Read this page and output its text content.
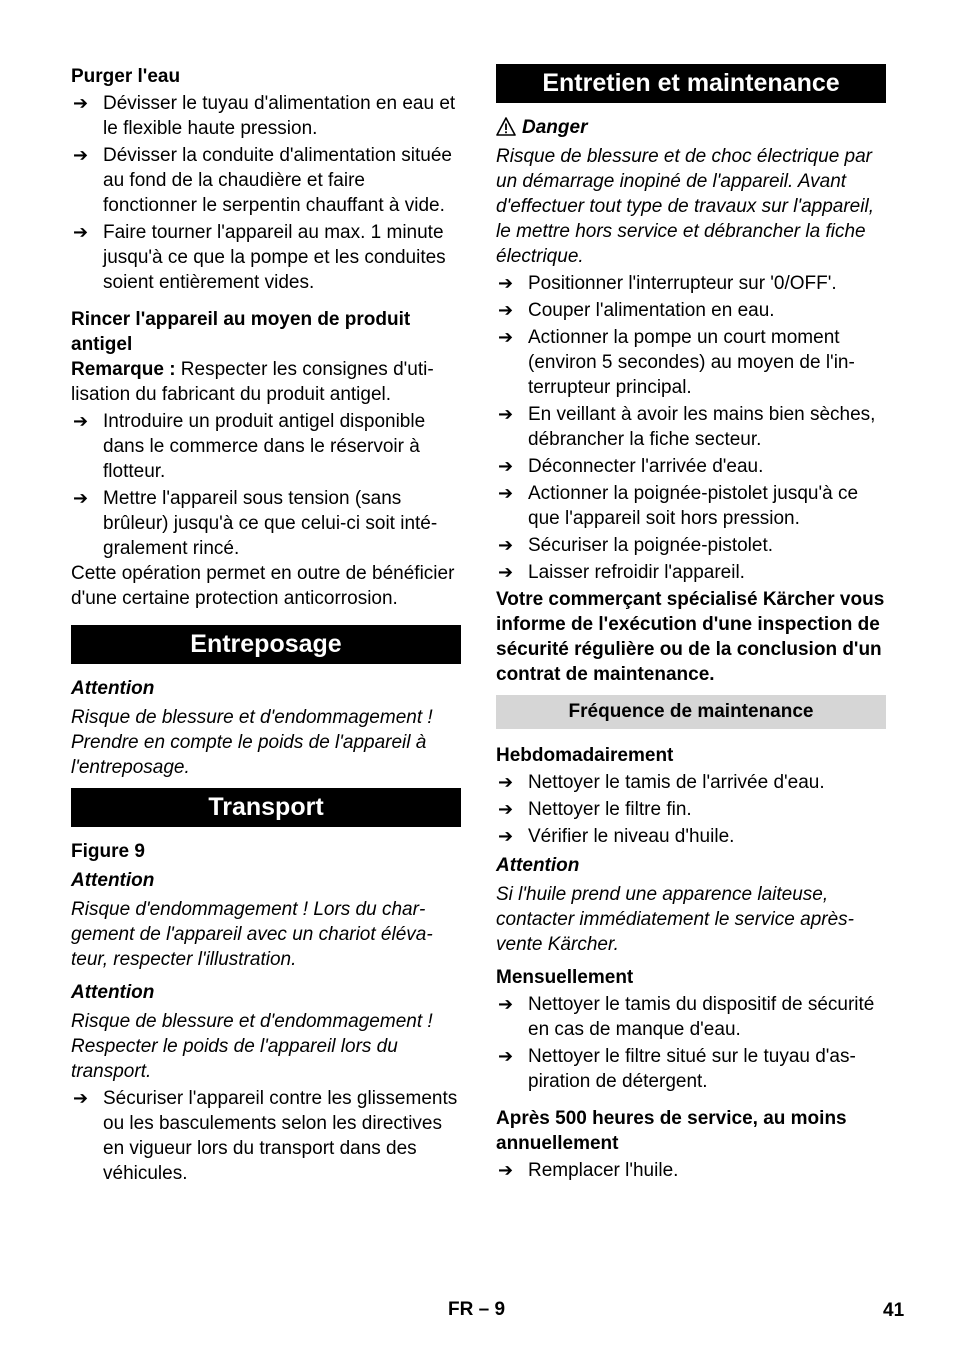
Purger l'eau

➔ Dévisser le tuyau d'alimentation en eau et le flexible haute pression.
➔ Dévisser la conduite d'alimentation située au fond de la chaudière et faire fonctionner le serpentin chauffant à vide.
➔ Faire tourner l'appareil au max. 1 minute jusqu'à ce que la pompe et les conduites soient entièrement vides.

Rincer l'appareil au moyen de produit antigel

Remarque : Respecter les consignes d'utilisation du fabricant du produit antigel.

➔ Introduire un produit antigel disponible dans le commerce dans le réservoir à flotteur.
➔ Mettre l'appareil sous tension (sans brûleur) jusqu'à ce que celui-ci soit intégralement rincé.

Cette opération permet en outre de bénéficier d'une certaine protection anticorrosion.

Entreposage

Attention

Risque de blessure et d'endommagement ! Prendre en compte le poids de l'appareil à l'entreposage.

Transport

Figure 9

Attention

Risque d'endommagement ! Lors du chargement de l'appareil avec un chariot élévateur, respecter l'illustration.

Attention

Risque de blessure et d'endommagement ! Respecter le poids de l'appareil lors du transport.

➔ Sécuriser l'appareil contre les glissements ou les basculements selon les directives en vigueur lors du transport dans des véhicules.
Entretien et maintenance

Danger

Risque de blessure et de choc électrique par un démarrage inopiné de l'appareil. Avant d'effectuer tout type de travaux sur l'appareil, le mettre hors service et débrancher la fiche électrique.

➔ Positionner l'interrupteur sur '0/OFF'.
➔ Couper l'alimentation en eau.
➔ Actionner la pompe un court moment (environ 5 secondes) au moyen de l'interrupteur principal.
➔ En veillant à avoir les mains bien sèches, débrancher la fiche secteur.
➔ Déconnecter l'arrivée d'eau.
➔ Actionner la poignée-pistolet jusqu'à ce que l'appareil soit hors pression.
➔ Sécuriser la poignée-pistolet.
➔ Laisser refroidir l'appareil.

Votre commerçant spécialisé Kärcher vous informe de l'exécution d'une inspection de sécurité régulière ou de la conclusion d'un contrat de maintenance.

Fréquence de maintenance

Hebdomadairement

➔ Nettoyer le tamis de l'arrivée d'eau.
➔ Nettoyer le filtre fin.
➔ Vérifier le niveau d'huile.

Attention

Si l'huile prend une apparence laiteuse, contacter immédiatement le service aprèsvente Kärcher.

Mensuellement

➔ Nettoyer le tamis du dispositif de sécurité en cas de manque d'eau.
➔ Nettoyer le filtre situé sur le tuyau d'aspiration de détergent.

Après 500 heures de service, au moins annuellement

➔ Remplacer l'huile.
FR – 9	41
